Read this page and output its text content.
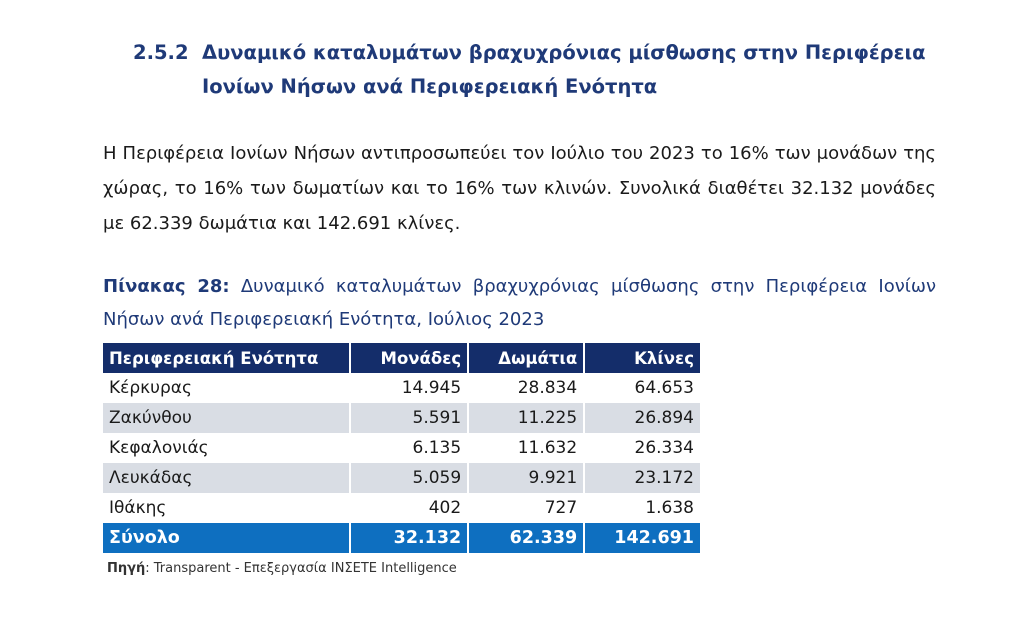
2.5.2 Δυναμικό καταλυμάτων βραχυχρόνιας μίσθωσης στην Περιφέρεια
Ιονίων Νήσων ανά Περιφερειακή Ενότητα
Η Περιφέρεια Ιονίων Νήσων αντιπροσωπεύει τον Ιούλιο του 2023 το 16% των μονάδων της χώρας, το 16% των δωματίων και το 16% των κλινών. Συνολικά διαθέτει 32.132 μονάδες με 62.339 δωμάτια και 142.691 κλίνες.
Πίνακας 28: Δυναμικό καταλυμάτων βραχυχρόνιας μίσθωσης στην Περιφέρεια Ιονίων Νήσων ανά Περιφερειακή Ενότητα, Ιούλιος 2023
Περιφερειακή Ενότητα	Μονάδες	Δωμάτια	Κλίνες
Κέρκυρας	14.945	28.834	64.653
Ζακύνθου	5.591	11.225	26.894
Κεφαλονιάς	6.135	11.632	26.334
Λευκάδας	5.059	9.921	23.172
Ιθάκης	402	727	1.638
Σύνολο	32.132	62.339	142.691
Πηγή: Transparent - Επεξεργασία ΙΝΣΕΤΕ Intelligence
